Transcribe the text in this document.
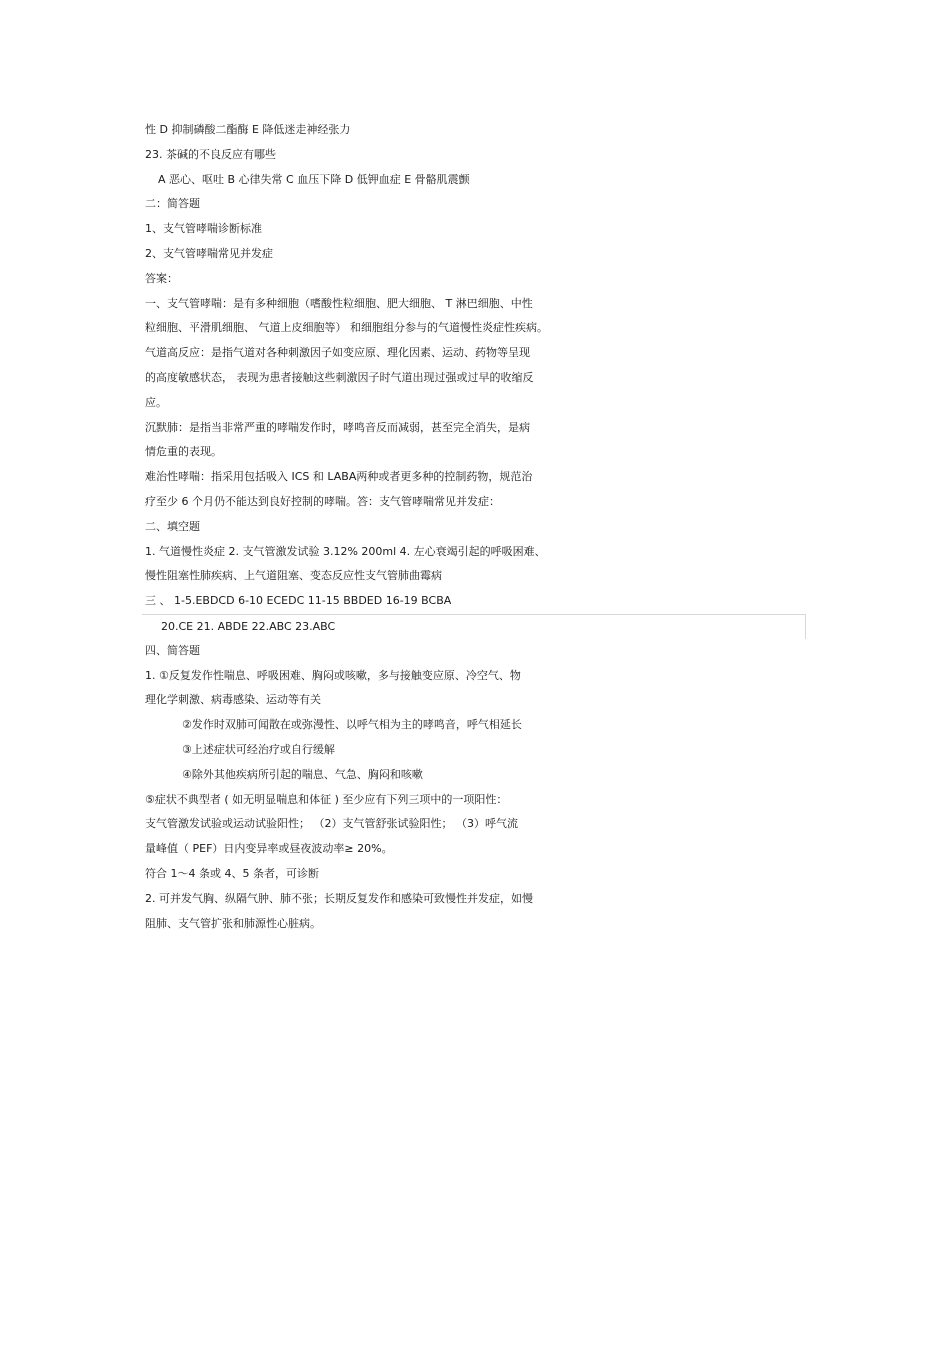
性 D 抑制磷酸二酯酶 E 降低迷走神经张力
23. 茶碱的不良反应有哪些
A 恶心、呕吐 B 心律失常 C 血压下降 D 低钾血症 E 骨骼肌震颤
二：简答题
1、支气管哮喘诊断标准
2、支气管哮喘常见并发症
答案：
一、支气管哮喘：是有多种细胞（嗜酸性粒细胞、肥大细胞、 T 淋巴细胞、中性
粒细胞、平滑肌细胞、 气道上皮细胞等） 和细胞组分参与的气道慢性炎症性疾病。
气道高反应：是指气道对各种刺激因子如变应原、理化因素、运动、药物等呈现
的高度敏感状态， 表现为患者接触这些刺激因子时气道出现过强或过早的收缩反
应。
沉默肺：是指当非常严重的哮喘发作时，哮鸣音反而减弱，甚至完全消失，是病
情危重的表现。
难治性哮喘：指采用包括吸入 ICS 和 LABA两种或者更多种的控制药物，规范治
疗至少 6 个月仍不能达到良好控制的哮喘。答：支气管哮喘常见并发症：
二、填空题
1. 气道慢性炎症 2. 支气管激发试验 3.12% 200ml 4. 左心衰竭引起的呼吸困难、
慢性阻塞性肺疾病、上气道阻塞、变态反应性支气管肺曲霉病
三 、 1-5.EBDCD 6-10 ECEDC 11-15 BBDED 16-19 BCBA
20.CE 21. ABDE 22.ABC 23.ABC
四、简答题
1. ①反复发作性喘息、呼吸困难、胸闷或咳嗽，多与接触变应原、冷空气、物
理化学刺激、病毒感染、运动等有关
②发作时双肺可闻散在或弥漫性、以呼气相为主的哮鸣音，呼气相延长
③上述症状可经治疗或自行缓解
④除外其他疾病所引起的喘息、气急、胸闷和咳嗽
⑤症状不典型者 ( 如无明显喘息和体征 ) 至少应有下列三项中的一项阳性：
支气管激发试验或运动试验阳性； （2）支气管舒张试验阳性； （3）呼气流
量峰值（ PEF）日内变异率或昼夜波动率≥ 20%。
符合 1～4 条或 4、5 条者，可诊断
2. 可并发气胸、纵隔气肿、肺不张；长期反复发作和感染可致慢性并发症，如慢
阻肺、支气管扩张和肺源性心脏病。
